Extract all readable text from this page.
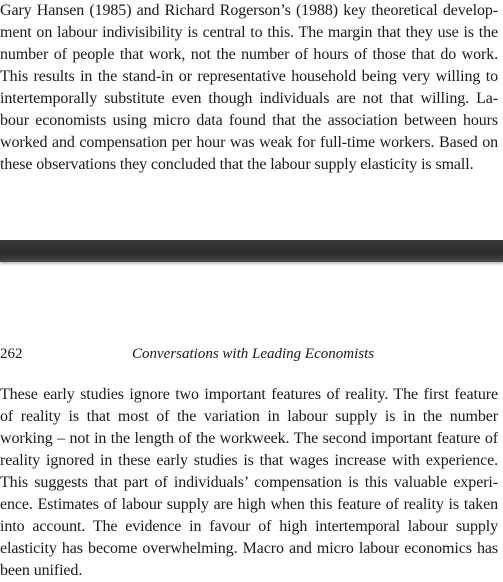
Gary Hansen (1985) and Richard Rogerson’s (1988) key theoretical develop-
ment on labour indivisibility is central to this. The margin that they use is the
number of people that work, not the number of hours of those that do work.
This results in the stand-in or representative household being very willing to
intertemporally substitute even though individuals are not that willing. La-
bour economists using micro data found that the association between hours
worked and compensation per hour was weak for full-time workers. Based on
these observations they concluded that the labour supply elasticity is small.
262	Conversations with Leading Economists
These early studies ignore two important features of reality. The first feature
of reality is that most of the variation in labour supply is in the number
working – not in the length of the workweek. The second important feature of
reality ignored in these early studies is that wages increase with experience.
This suggests that part of individuals’ compensation is this valuable experi-
ence. Estimates of labour supply are high when this feature of reality is taken
into account. The evidence in favour of high intertemporal labour supply
elasticity has become overwhelming. Macro and micro labour economics has
been unified.
